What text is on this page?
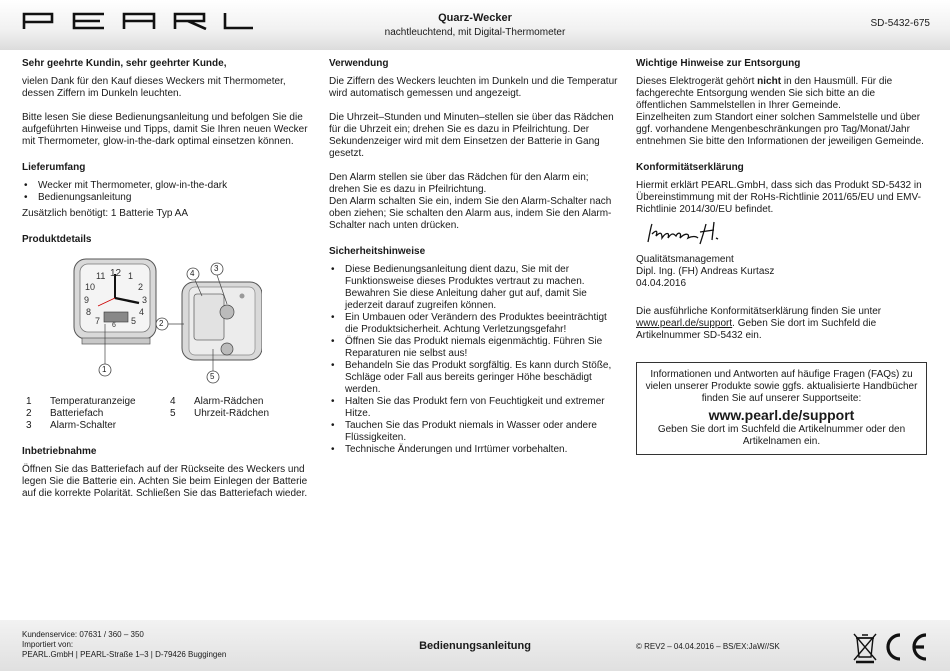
Quarz-Wecker
nachtleuchtend, mit Digital-Thermometer
SD-5432-675
Sehr geehrte Kundin, sehr geehrter Kunde,

vielen Dank für den Kauf dieses Weckers mit Thermometer, dessen Ziffern im Dunkeln leuchten.

Bitte lesen Sie diese Bedienungsanleitung und befolgen Sie die aufgeführten Hinweise und Tipps, damit Sie Ihren neuen Wecker mit Thermometer, glow-in-the-dark optimal einsetzen können.

Lieferumfang
• Wecker mit Thermometer, glow-in-the-dark
• Bedienungsanleitung

Zusätzlich benötigt: 1 Batterie Typ AA

Produktdetails
12
11	1
10	2
9	3
8	4
7	5
6
1
2
3
4
5
1	Temperaturanzeige	4	Alarm-Rädchen
2	Batteriefach	5	Uhrzeit-Rädchen
3	Alarm-Schalter
Inbetriebnahme

Öffnen Sie das Batteriefach auf der Rückseite des Weckers und legen Sie die Batterie ein. Achten Sie beim Einlegen der Batterie auf die korrekte Polarität. Schließen Sie das Batteriefach wieder.

Verwendung

Die Ziffern des Weckers leuchten im Dunkeln und die Temperatur wird automatisch gemessen und angezeigt.

Die Uhrzeit–Stunden und Minuten–stellen sie über das Rädchen für die Uhrzeit ein; drehen Sie es dazu in Pfeilrichtung. Der Sekundenzeiger wird mit dem Einsetzen der Batterie in Gang gesetzt.

Den Alarm stellen sie über das Rädchen für den Alarm ein; drehen Sie es dazu in Pfeilrichtung.

Den Alarm schalten Sie ein, indem Sie den Alarm-Schalter nach oben ziehen; Sie schalten den Alarm aus, indem Sie den Alarm-Schalter nach unten drücken.

Sicherheitshinweise
• Diese Bedienungsanleitung dient dazu, Sie mit der Funktionsweise dieses Produktes vertraut zu machen. Bewahren Sie diese Anleitung daher gut auf, damit Sie jederzeit darauf zugreifen können.
• Ein Umbauen oder Verändern des Produktes beeinträchtigt die Produktsicherheit. Achtung Verletzungsgefahr!
• Öffnen Sie das Produkt niemals eigenmächtig. Führen Sie Reparaturen nie selbst aus!
• Behandeln Sie das Produkt sorgfältig. Es kann durch Stöße, Schläge oder Fall aus bereits geringer Höhe beschädigt werden.
• Halten Sie das Produkt fern von Feuchtigkeit und extremer Hitze.
• Tauchen Sie das Produkt niemals in Wasser oder andere Flüssigkeiten.
• Technische Änderungen und Irrtümer vorbehalten.
Wichtige Hinweise zur Entsorgung

Dieses Elektrogerät gehört nicht in den Hausmüll. Für die fachgerechte Entsorgung wenden Sie sich bitte an die öffentlichen Sammelstellen in Ihrer Gemeinde.

Einzelheiten zum Standort einer solchen Sammelstelle und über ggf. vorhandene Mengenbeschränkungen pro Tag/Monat/Jahr entnehmen Sie bitte den Informationen der jeweiligen Gemeinde.

Konformitätserklärung

Hiermit erklärt PEARL.GmbH, dass sich das Produkt SD-5432 in Übereinstimmung mit der RoHs-Richtlinie 2011/65/EU und EMV-Richtlinie 2014/30/EU befindet.

Qualitätsmanagement

Dipl. Ing. (FH) Andreas Kurtasz

04.04.2016

Die ausführliche Konformitätserklärung finden Sie unter www.pearl.de/support. Geben Sie dort im Suchfeld die Artikelnummer SD-5432 ein.

Informationen und Antworten auf häufige Fragen (FAQs) zu vielen unserer Produkte sowie ggfs. aktualisierte Handbücher finden Sie auf unserer Supportseite:

www.pearl.de/support

Geben Sie dort im Suchfeld die Artikelnummer oder den Artikelnamen ein.

Kundenservice: 07631 / 360 – 350
Importiert von:
PEARL.GmbH | PEARL-Straße 1–3 | D-79426 Buggingen
Bedienungsanleitung	© REV2 – 04.04.2016 – BS/EX:JaW//SK
